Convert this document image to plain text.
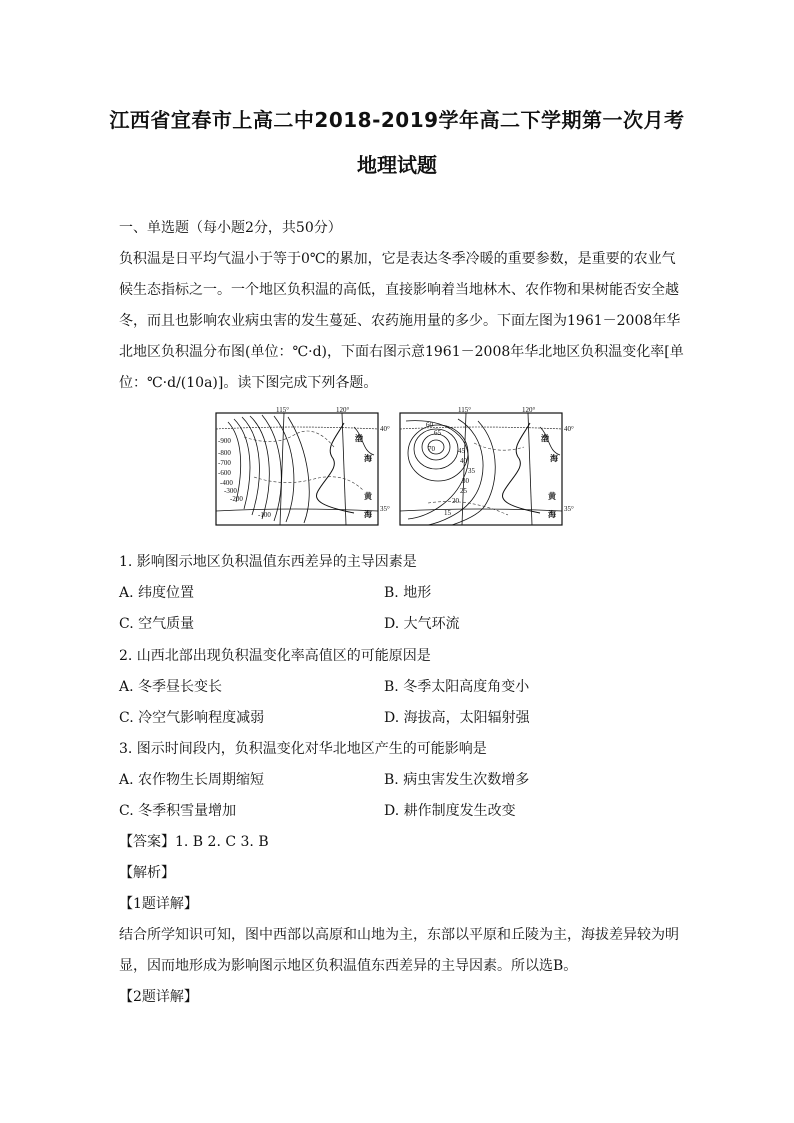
江西省宜春市上高二中2018-2019学年高二下学期第一次月考
地理试题
一、单选题（每小题2分，共50分）
负积温是日平均气温小于等于0℃的累加，它是表达冬季冷暖的重要参数，是重要的农业气
候生态指标之一。一个地区负积温的高低，直接影响着当地林木、农作物和果树能否安全越
冬，而且也影响农业病虫害的发生蔓延、农药施用量的多少。下面左图为1961－2008年华
北地区负积温分布图(单位：℃·d)，下面右图示意1961－2008年华北地区负积温变化率[单
位：℃·d/(10a)]。读下图完成下列各题。
115°	120°
40°
35°
-900
-800
-700
-600
-400
-300
-200
-100
渤
海
黄
海
115°	120°
40°
35°
60
65
70	45
40
35
30
25
20
15
渤
海
黄
海
1. 影响图示地区负积温值东西差异的主导因素是
A. 纬度位置	B. 地形
C. 空气质量	D. 大气环流
2. 山西北部出现负积温变化率高值区的可能原因是
A. 冬季昼长变长	B. 冬季太阳高度角变小
C. 冷空气影响程度减弱	D. 海拔高，太阳辐射强
3. 图示时间段内，负积温变化对华北地区产生的可能影响是
A. 农作物生长周期缩短	B. 病虫害发生次数增多
C. 冬季积雪量增加	D. 耕作制度发生改变
【答案】1. B 2. C 3. B
【解析】
【1题详解】
结合所学知识可知，图中西部以高原和山地为主，东部以平原和丘陵为主，海拔差异较为明
显，因而地形成为影响图示地区负积温值东西差异的主导因素。所以选B。
【2题详解】
